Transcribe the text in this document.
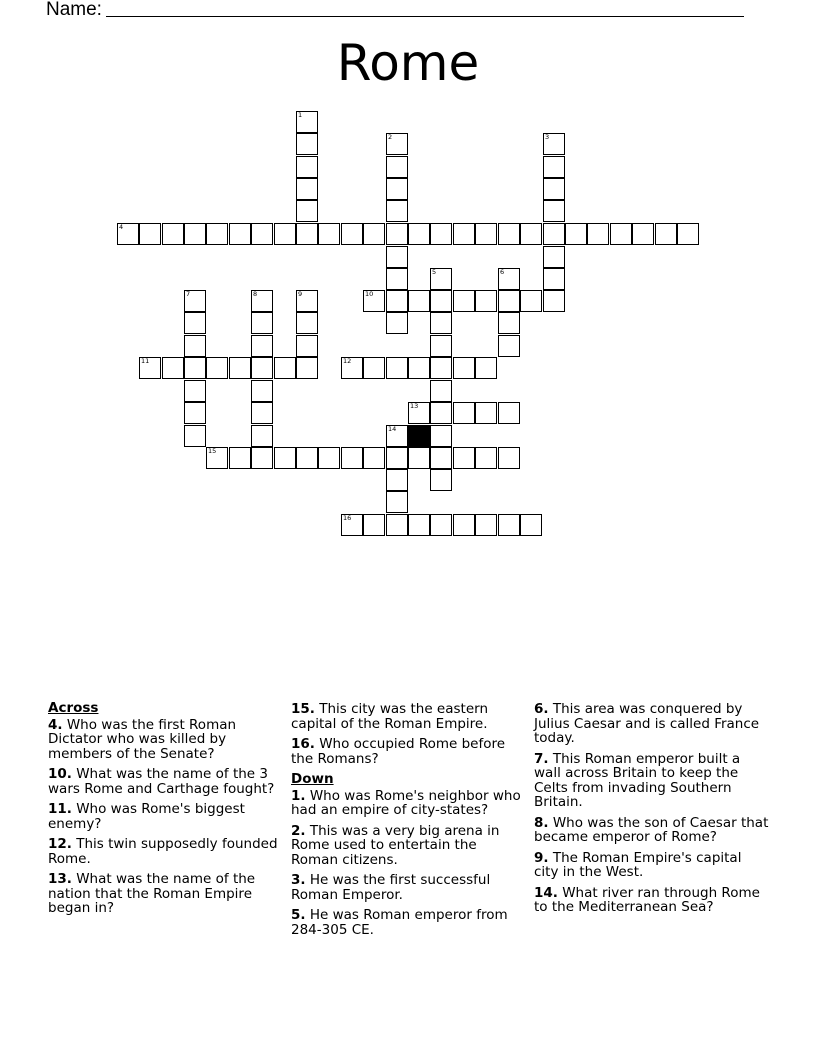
Name:
Rome
1
2	3
4
5	6
7	8	9	10
11	12
13
14
15
16
Across
4. Who was the first Roman Dictator who was killed by members of the Senate?
10. What was the name of the 3 wars Rome and Carthage fought?
11. Who was Rome's biggest enemy?
12. This twin supposedly founded Rome.
13. What was the name of the nation that the Roman Empire began in?
15. This city was the eastern capital of the Roman Empire.
16. Who occupied Rome before the Romans?
Down
1. Who was Rome's neighbor who had an empire of city-states?
2. This was a very big arena in Rome used to entertain the Roman citizens.
3. He was the first successful Roman Emperor.
5. He was Roman emperor from 284-305 CE.
6. This area was conquered by Julius Caesar and is called France today.
7. This Roman emperor built a wall across Britain to keep the Celts from invading Southern Britain.
8. Who was the son of Caesar that became emperor of Rome?
9. The Roman Empire's capital city in the West.
14. What river ran through Rome to the Mediterranean Sea?
